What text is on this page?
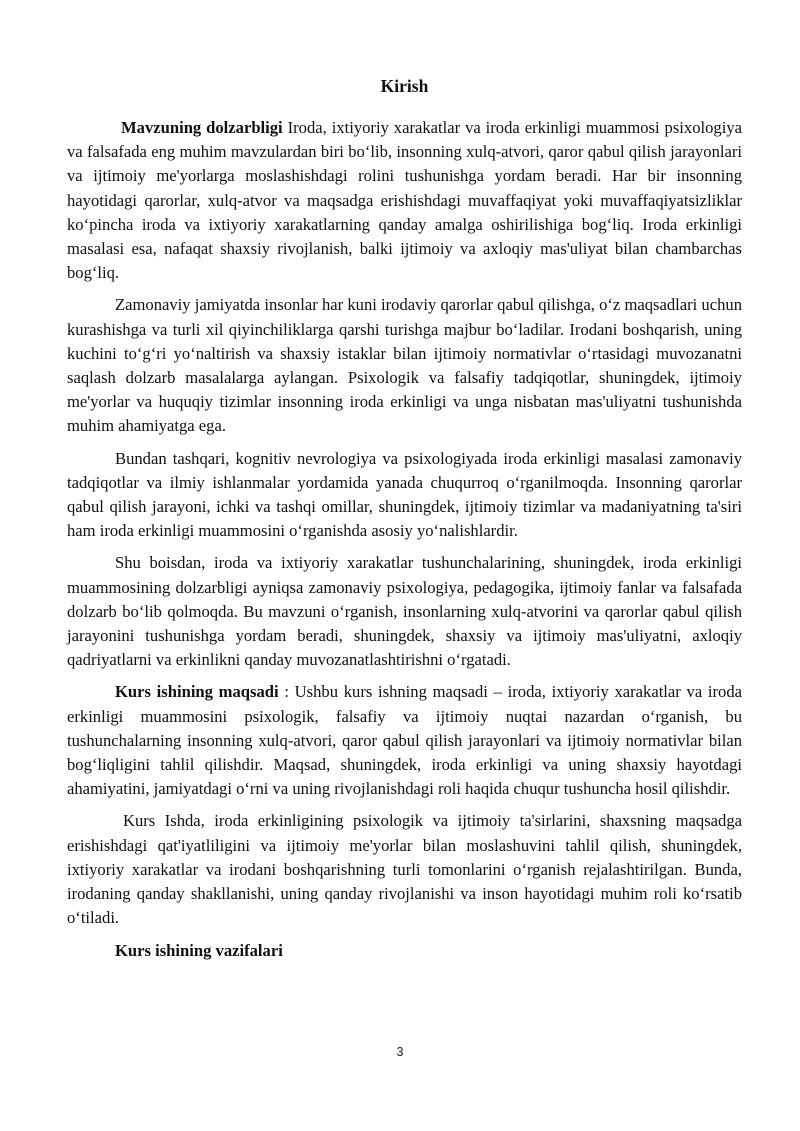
Kirish

Mavzuning dolzarbligi Iroda, ixtiyoriy xarakatlar va iroda erkinligi muammosi psixologiya va falsafada eng muhim mavzulardan biri bo‘lib, insonning xulq-atvori, qaror qabul qilish jarayonlari va ijtimoiy me'yorlarga moslashishdagi rolini tushunishga yordam beradi. Har bir insonning hayotidagi qarorlar, xulq-atvor va maqsadga erishishdagi muvaffaqiyat yoki muvaffaqiyatsizliklar ko‘pincha iroda va ixtiyoriy xarakatlarning qanday amalga oshirilishiga bog‘liq. Iroda erkinligi masalasi esa, nafaqat shaxsiy rivojlanish, balki ijtimoiy va axloqiy mas'uliyat bilan chambarchas bog‘liq.

Zamonaviy jamiyatda insonlar har kuni irodaviy qarorlar qabul qilishga, o‘z maqsadlari uchun kurashishga va turli xil qiyinchiliklarga qarshi turishga majbur bo‘ladilar. Irodani boshqarish, uning kuchini to‘g‘ri yo‘naltirish va shaxsiy istaklar bilan ijtimoiy normativlar o‘rtasidagi muvozanatni saqlash dolzarb masalalarga aylangan. Psixologik va falsafiy tadqiqotlar, shuningdek, ijtimoiy me'yorlar va huquqiy tizimlar insonning iroda erkinligi va unga nisbatan mas'uliyatni tushunishda muhim ahamiyatga ega.

Bundan tashqari, kognitiv nevrologiya va psixologiyada iroda erkinligi masalasi zamonaviy tadqiqotlar va ilmiy ishlanmalar yordamida yanada chuqurroq o‘rganilmoqda. Insonning qarorlar qabul qilish jarayoni, ichki va tashqi omillar, shuningdek, ijtimoiy tizimlar va madaniyatning ta'siri ham iroda erkinligi muammosini o‘rganishda asosiy yo‘nalishlardir.

Shu boisdan, iroda va ixtiyoriy xarakatlar tushunchalarining, shuningdek, iroda erkinligi muammosining dolzarbligi ayniqsa zamonaviy psixologiya, pedagogika, ijtimoiy fanlar va falsafada dolzarb bo‘lib qolmoqda. Bu mavzuni o‘rganish, insonlarning xulq-atvorini va qarorlar qabul qilish jarayonini tushunishga yordam beradi, shuningdek, shaxsiy va ijtimoiy mas'uliyatni, axloqiy qadriyatlarni va erkinlikni qanday muvozanatlashtirishni o‘rgatadi.

Kurs ishining maqsadi : Ushbu kurs ishning maqsadi – iroda, ixtiyoriy xarakatlar va iroda erkinligi muammosini psixologik, falsafiy va ijtimoiy nuqtai nazardan o‘rganish, bu tushunchalarning insonning xulq-atvori, qaror qabul qilish jarayonlari va ijtimoiy normativlar bilan bog‘liqligini tahlil qilishdir. Maqsad, shuningdek, iroda erkinligi va uning shaxsiy hayotdagi ahamiyatini, jamiyatdagi o‘rni va uning rivojlanishdagi roli haqida chuqur tushuncha hosil qilishdir.

Kurs Ishda, iroda erkinligining psixologik va ijtimoiy ta'sirlarini, shaxsning maqsadga erishishdagi qat'iyatliligini va ijtimoiy me'yorlar bilan moslashuvini tahlil qilish, shuningdek, ixtiyoriy xarakatlar va irodani boshqarishning turli tomonlarini o‘rganish rejalashtirilgan. Bunda, irodaning qanday shakllanishi, uning qanday rivojlanishi va inson hayotidagi muhim roli ko‘rsatib o‘tiladi.

Kurs ishining vazifalari

3
